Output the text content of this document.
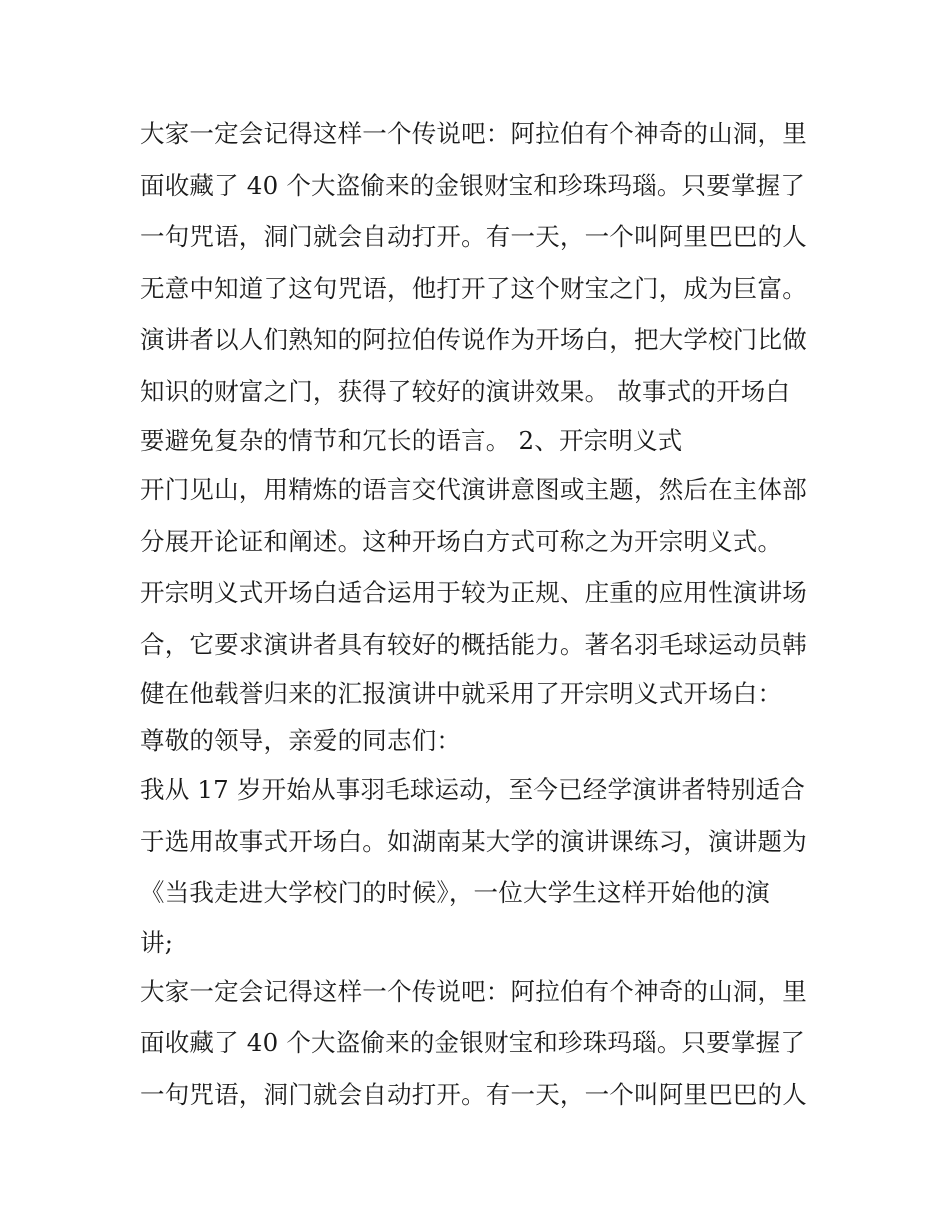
大家一定会记得这样一个传说吧：阿拉伯有个神奇的山洞，里
面收藏了 40 个大盗偷来的金银财宝和珍珠玛瑙。只要掌握了
一句咒语，洞门就会自动打开。有一天，一个叫阿里巴巴的人
无意中知道了这句咒语，他打开了这个财宝之门，成为巨富。
演讲者以人们熟知的阿拉伯传说作为开场白，把大学校门比做
知识的财富之门，获得了较好的演讲效果。 故事式的开场白
要避免复杂的情节和冗长的语言。 2、开宗明义式
开门见山，用精炼的语言交代演讲意图或主题，然后在主体部
分展开论证和阐述。这种开场白方式可称之为开宗明义式。
开宗明义式开场白适合运用于较为正规、庄重的应用性演讲场
合，它要求演讲者具有较好的概括能力。著名羽毛球运动员韩
健在他载誉归来的汇报演讲中就采用了开宗明义式开场白：
尊敬的领导，亲爱的同志们：
我从 17 岁开始从事羽毛球运动，至今已经学演讲者特别适合
于选用故事式开场白。如湖南某大学的演讲课练习，演讲题为
《当我走进大学校门的时候》，一位大学生这样开始他的演
讲;
大家一定会记得这样一个传说吧：阿拉伯有个神奇的山洞，里
面收藏了 40 个大盗偷来的金银财宝和珍珠玛瑙。只要掌握了
一句咒语，洞门就会自动打开。有一天，一个叫阿里巴巴的人
